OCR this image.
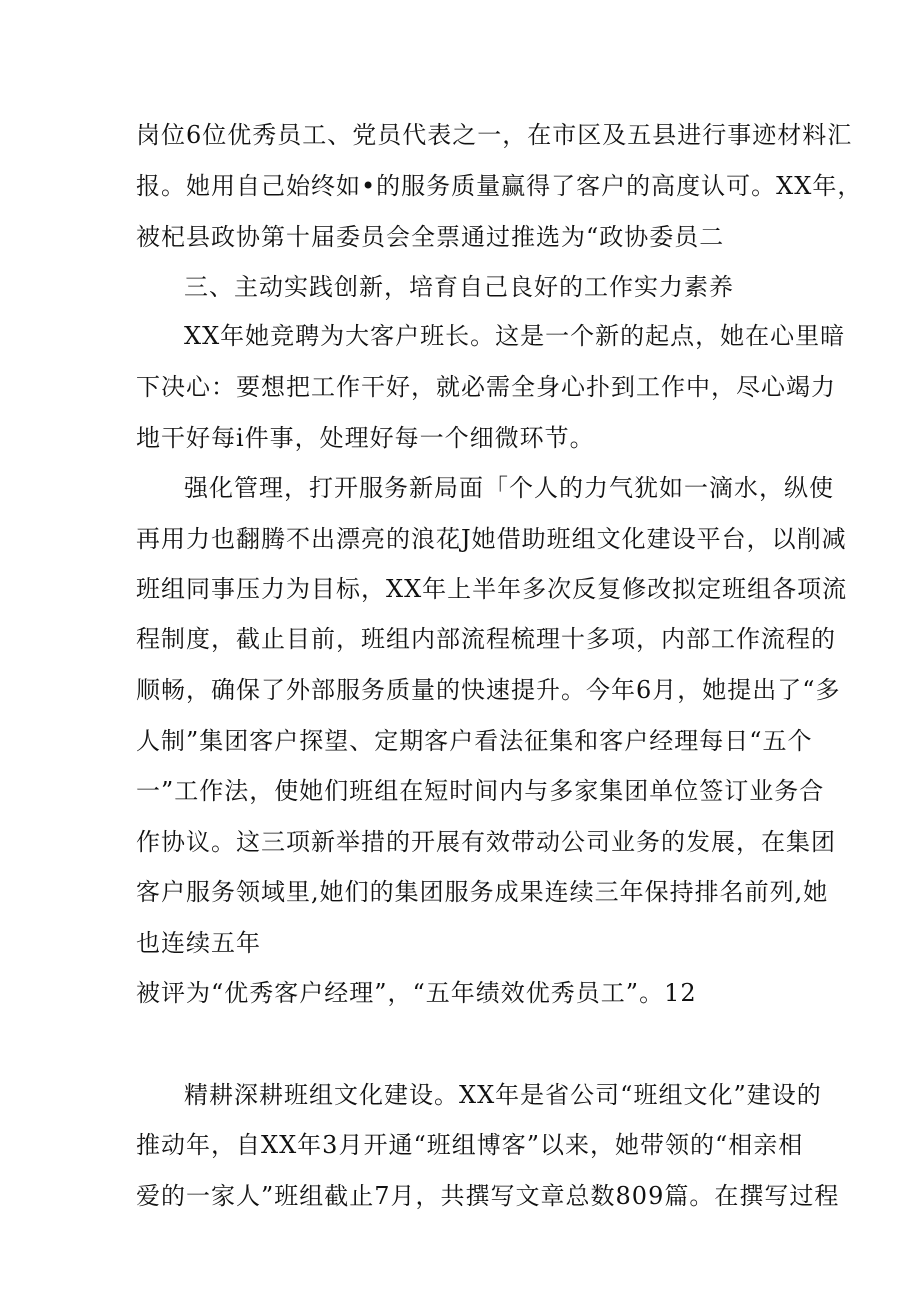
岗位6位优秀员工、党员代表之一，在市区及五县进行事迹材料汇
报。她用自己始终如•的服务质量赢得了客户的高度认可。XX年，
被杞县政协第十届委员会全票通过推选为“政协委员二
三、主动实践创新，培育自己良好的工作实力素养
XX年她竞聘为大客户班长。这是一个新的起点，她在心里暗
下决心：要想把工作干好，就必需全身心扑到工作中，尽心竭力
地干好每i件事，处理好每一个细微环节。
强化管理，打开服务新局面「个人的力气犹如一滴水，纵使
再用力也翻腾不出漂亮的浪花J她借助班组文化建设平台，以削减
班组同事压力为目标，XX年上半年多次反复修改拟定班组各项流
程制度，截止目前，班组内部流程梳理十多项，内部工作流程的
顺畅，确保了外部服务质量的快速提升。今年6月，她提出了“多
人制”集团客户探望、定期客户看法征集和客户经理每日“五个
一”工作法，使她们班组在短时间内与多家集团单位签订业务合
作协议。这三项新举措的开展有效带动公司业务的发展，在集团
客户服务领域里,她们的集团服务成果连续三年保持排名前列,她
也连续五年
被评为“优秀客户经理”，“五年绩效优秀员工”。12
精耕深耕班组文化建设。XX年是省公司“班组文化”建设的
推动年，自XX年3月开通“班组博客”以来，她带领的“相亲相
爱的一家人”班组截止7月，共撰写文章总数809篇。在撰写过程
